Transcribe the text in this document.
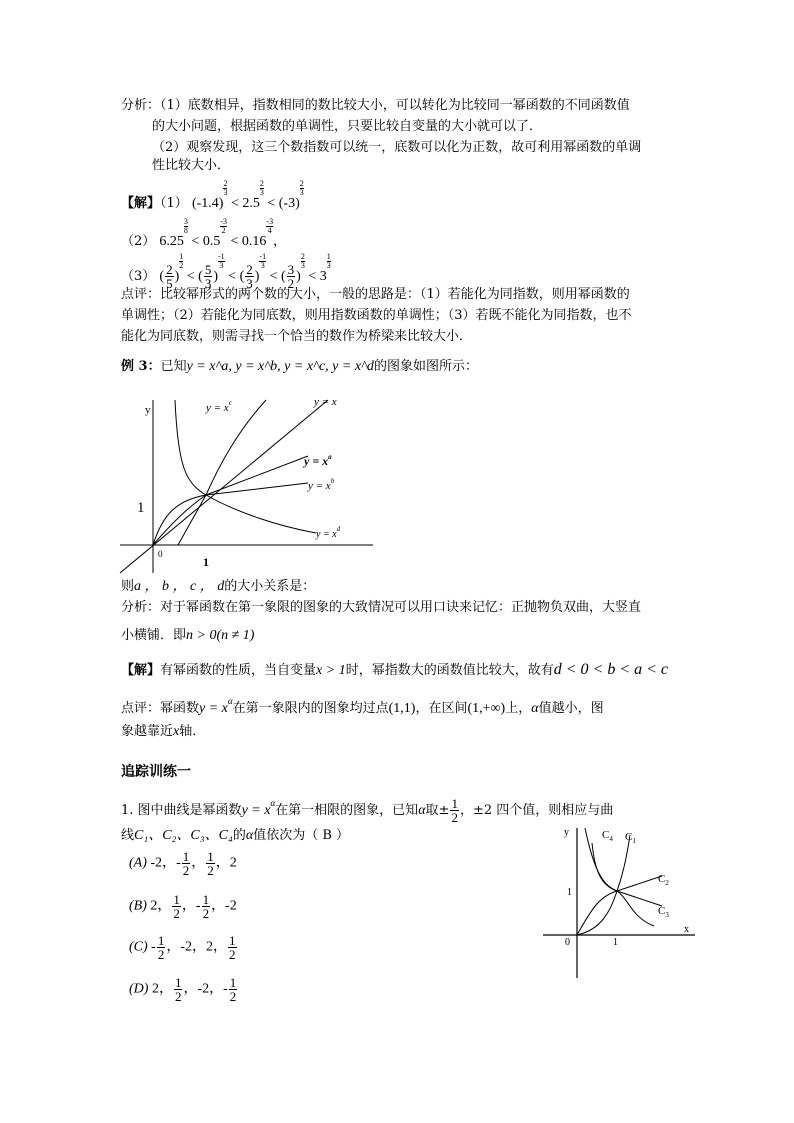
分析：（1）底数相异，指数相同的数比较大小，可以转化为比较同一幂函数的不同函数值
的大小问题，根据函数的单调性，只要比较自变量的大小就可以了．
（2）观察发现，这三个数指数可以统一，底数可以化为正数，故可利用幂函数的单调
性比较大小．
【解】（1） (-1.4)
$\frac{2}{3}$
< 2.5
$\frac{2}{3}$
< (-3)
$\frac{2}{3}$
（2） 6.25
$\frac{3}{8}$
< 0.5
$\frac{-3}{2}$
< 0.16
$\frac{-3}{4}$
，
（3） ( $\frac{2}{5}$ )
$\frac{1}{2}$
< ( $\frac{5}{3}$ )
$\frac{-1}{3}$
< ( $\frac{2}{3}$ )
$\frac{-1}{3}$
< ( $\frac{3}{2}$ )
$\frac{2}{3}$
< 3
$\frac{1}{3}$
点评：比较幂形式的两个数的大小，一般的思路是：（1）若能化为同指数，则用幂函数的
单调性；（2）若能化为同底数，则用指数函数的单调性；（3）若既不能化为同指数，也不
能化为同底数，则需寻找一个恰当的数作为桥梁来比较大小．
例 3：已知y = x^a, y = x^b, y = x^c, y = x^d的图象如图所示：
y
0
1
1
y = x
$y = x^c$
$y = x^a$
$y = x^b$
$y = x^d$
则a ， b ， c ， d的大小关系是：
分析：对于幂函数在第一象限的图象的大致情况可以用口诀来记忆：正抛物负双曲，大竖直
小横铺．即n > 0(n ≠ 1)
【解】有幂函数的性质，当自变量x > 1时，幂指数大的函数值比较大，故有d < 0 < b < a < c
点评：幂函数$y = x^\alpha$在第一象限内的图象均过点(1,1)，在区间(1,+∞)上，α值越小，图
象越靠近x轴．
追踪训练一
1. 图中曲线是幂函数$y = x^\alpha$在第一相限的图象，已知α取± $\frac{1}{2}$ ，±2 四个值，则相应与曲
线C₁、C₂、C₃、C₄的α值依次为（ B ）
(A) -2，- $\frac{1}{2}$ ， $\frac{1}{2}$ ，2
(B) 2， $\frac{1}{2}$ ，- $\frac{1}{2}$ ，-2
$(C) - \frac{1}{2}$ ，-2，2， $\frac{1}{2}$
(D) 2， $\frac{1}{2}$ ，-2，- $\frac{1}{2}$
y
x
0	1
1
$C_4$ $C_1$
$C_2$
$C_3$
